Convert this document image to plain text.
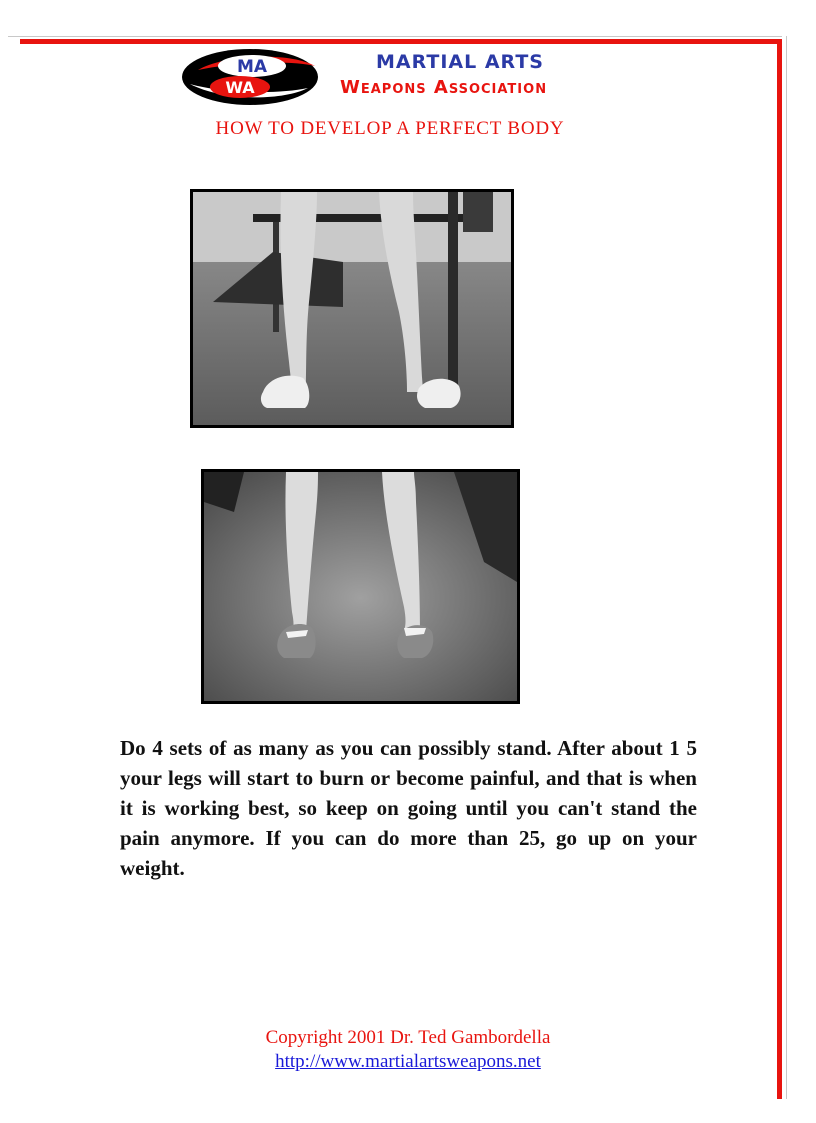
MA
WA
MARTIAL ARTS
Weapons Association
HOW TO DEVELOP A PERFECT BODY
Do 4 sets of as many as you can possibly stand. After about 1 5 your legs will start to burn or become painful, and that is when it is working best, so keep on going until you can't stand the pain anymore. If you can do more than 25, go up on your weight.
Copyright 2001 Dr. Ted Gambordella
http://www.martialartsweapons.net
